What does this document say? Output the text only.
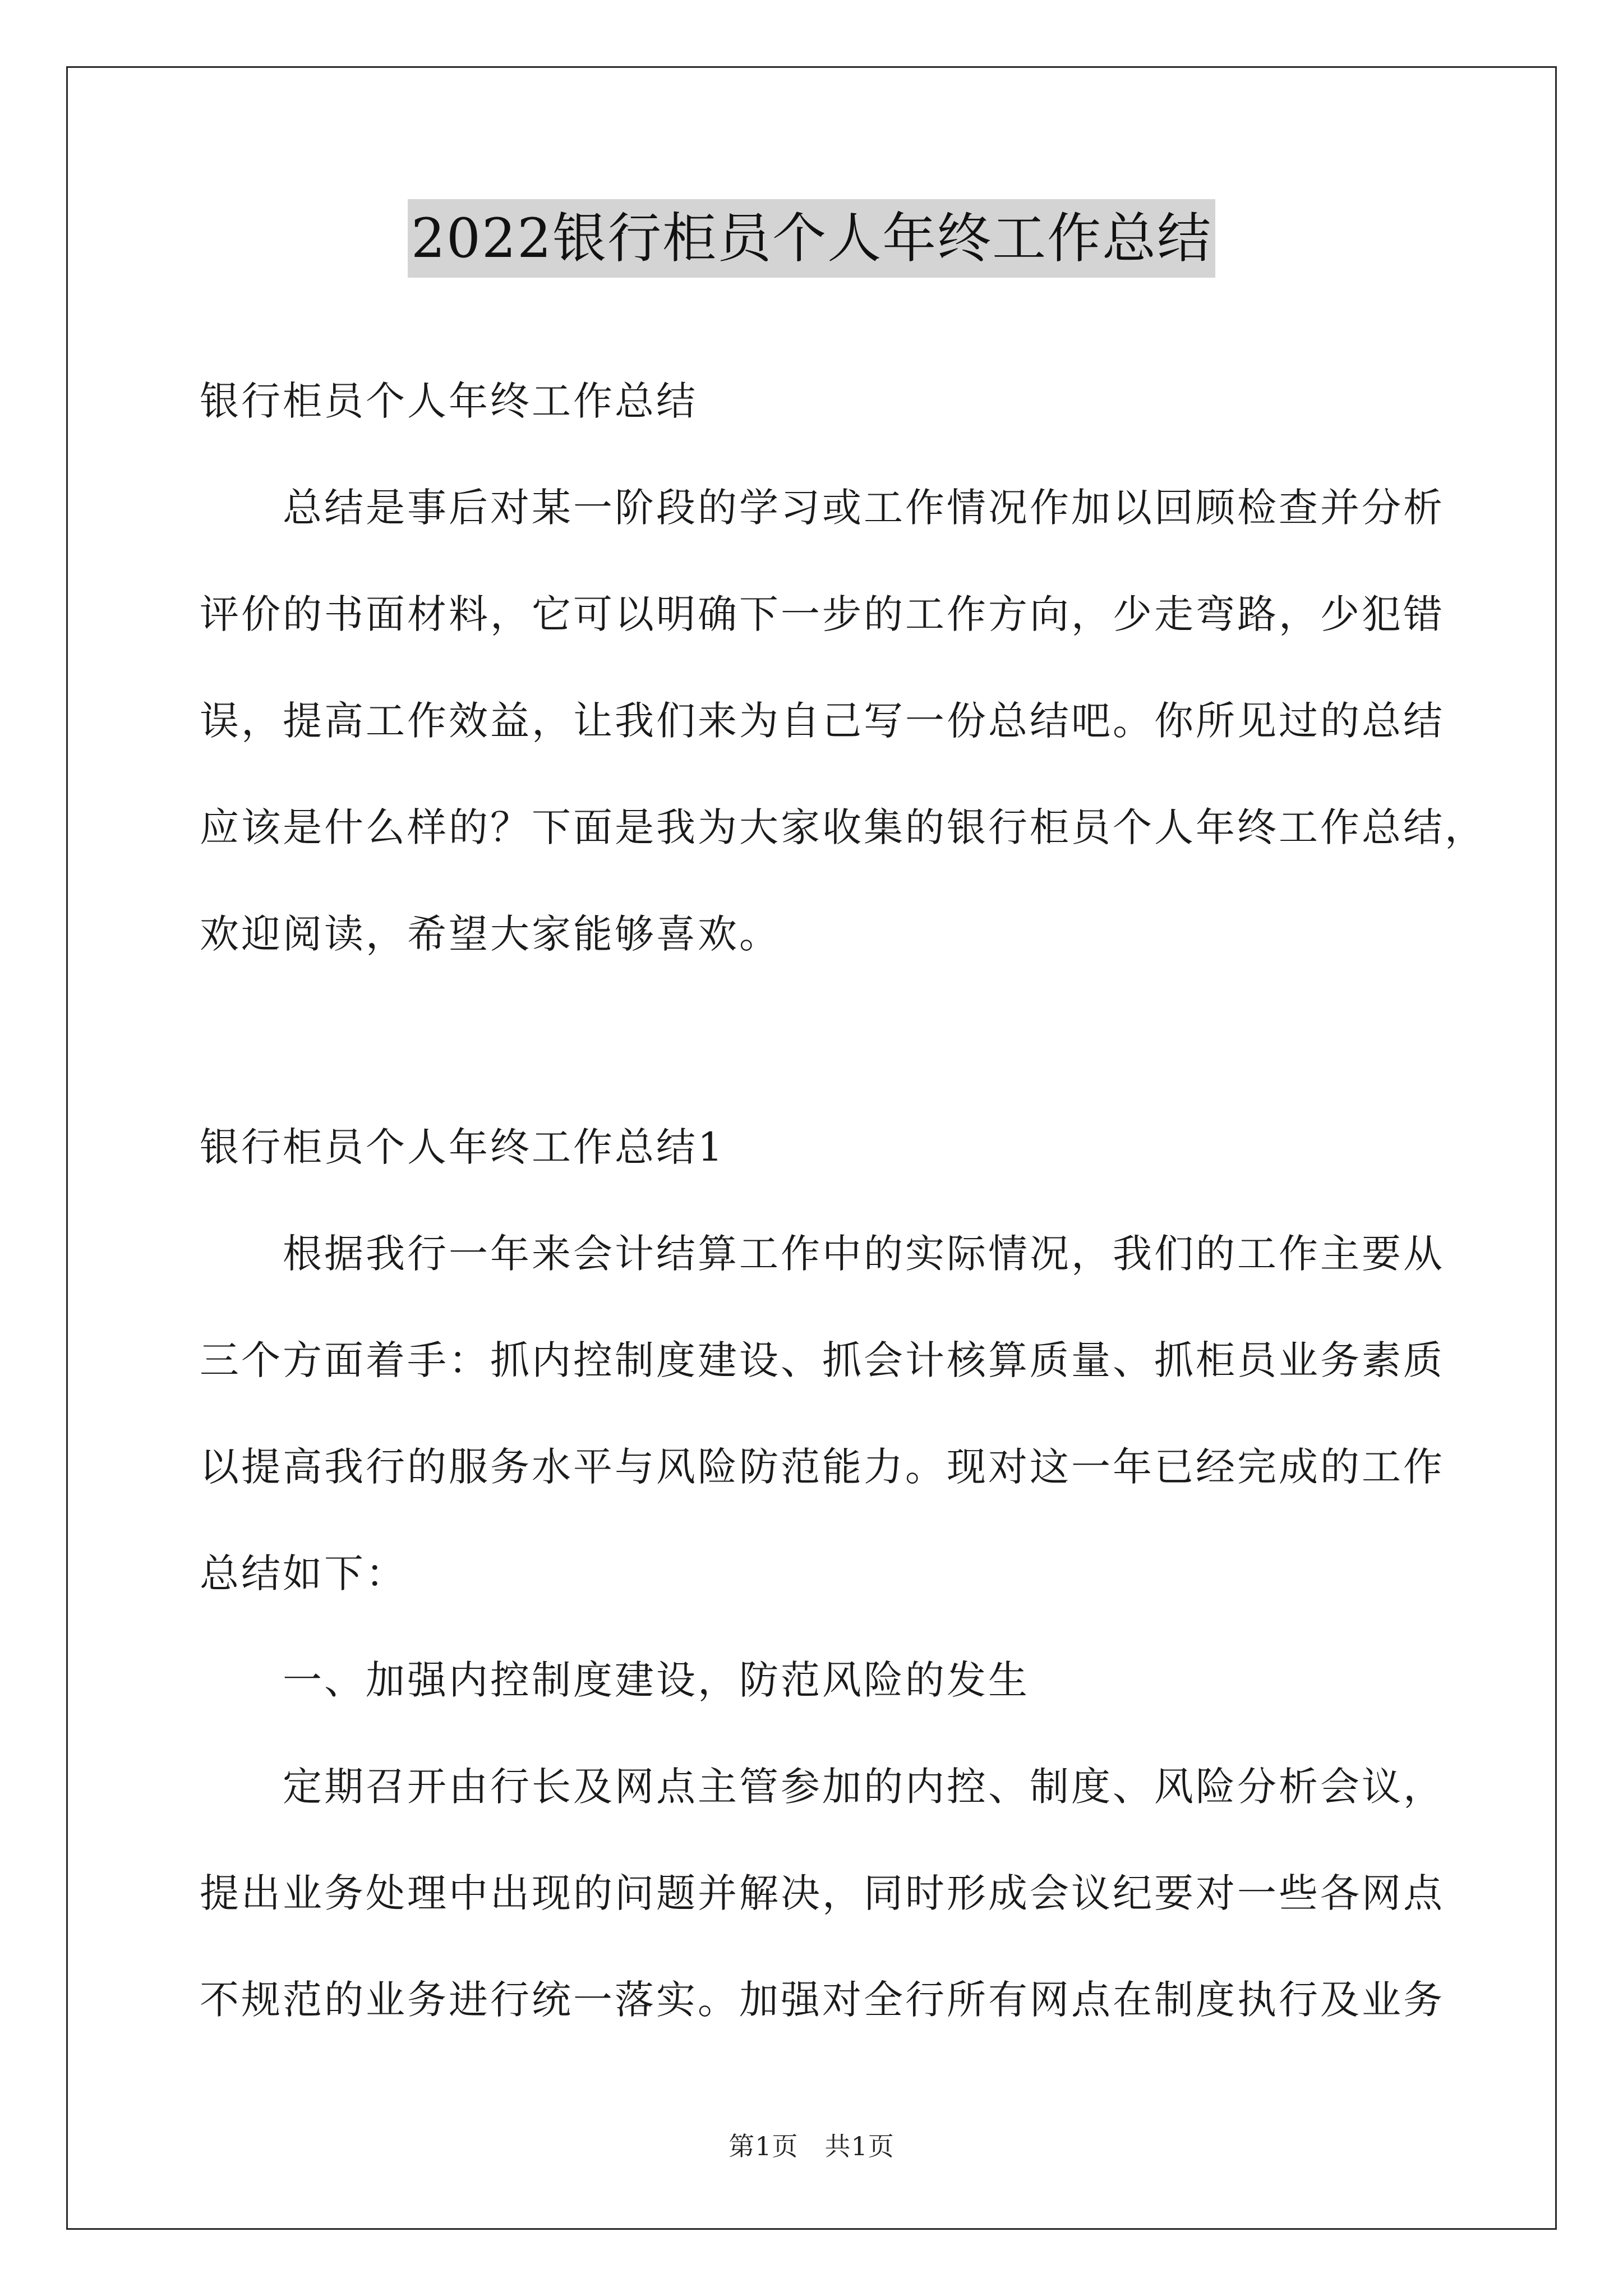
2022银行柜员个人年终工作总结
银行柜员个人年终工作总结
总结是事后对某一阶段的学习或工作情况作加以回顾检查并分析
评价的书面材料，它可以明确下一步的工作方向，少走弯路，少犯错
误，提高工作效益，让我们来为自己写一份总结吧。你所见过的总结
应该是什么样的？下面是我为大家收集的银行柜员个人年终工作总结，
欢迎阅读，希望大家能够喜欢。
银行柜员个人年终工作总结1
根据我行一年来会计结算工作中的实际情况，我们的工作主要从
三个方面着手：抓内控制度建设、抓会计核算质量、抓柜员业务素质
以提高我行的服务水平与风险防范能力。现对这一年已经完成的工作
总结如下：
一、加强内控制度建设，防范风险的发生
定期召开由行长及网点主管参加的内控、制度、风险分析会议，
提出业务处理中出现的问题并解决，同时形成会议纪要对一些各网点
不规范的业务进行统一落实。加强对全行所有网点在制度执行及业务
第1页　共1页
